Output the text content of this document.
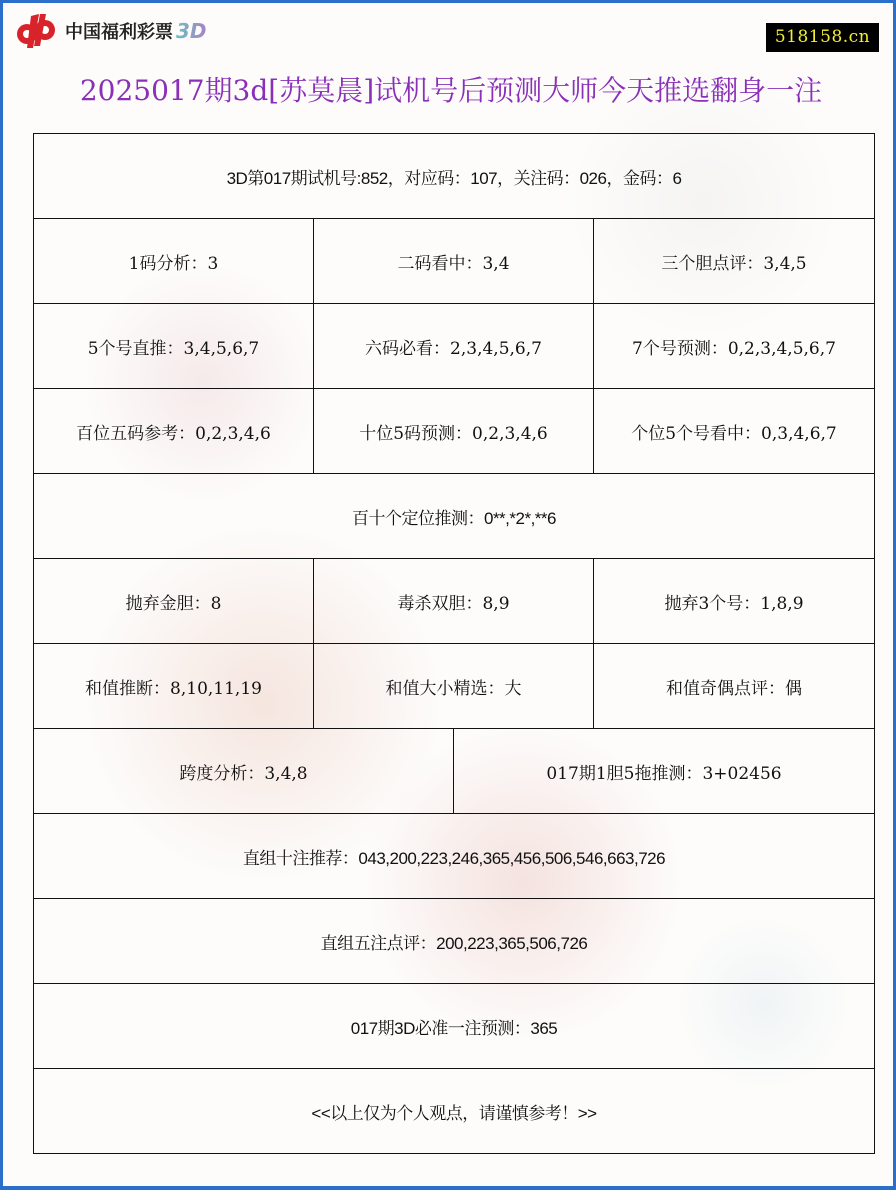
中国福利彩票 3D	518158.cn
2025017期3d[苏莫晨]试机号后预测大师今天推选翻身一注
3D第017期试机号:852，对应码：107，关注码：026，金码：6			
1码分析：3	二码看中：3,4		三个胆点评：3,4,5
5个号直推：3,4,5,6,7	六码必看：2,3,4,5,6,7		7个号预测：0,2,3,4,5,6,7
百位五码参考：0,2,3,4,6	十位5码预测：0,2,3,4,6		个位5个号看中：0,3,4,6,7
百十个定位推测：0**,*2*,**6			
抛弃金胆：8	毒杀双胆：8,9		抛弃3个号：1,8,9
和值推断：8,10,11,19	和值大小精选：大		和值奇偶点评：偶
跨度分析：3,4,8		017期1胆5拖推测：3+02456	
直组十注推荐：043,200,223,246,365,456,506,546,663,726			
直组五注点评：200,223,365,506,726			
017期3D必准一注预测：365			
<<以上仅为个人观点，请谨慎参考！>>			
